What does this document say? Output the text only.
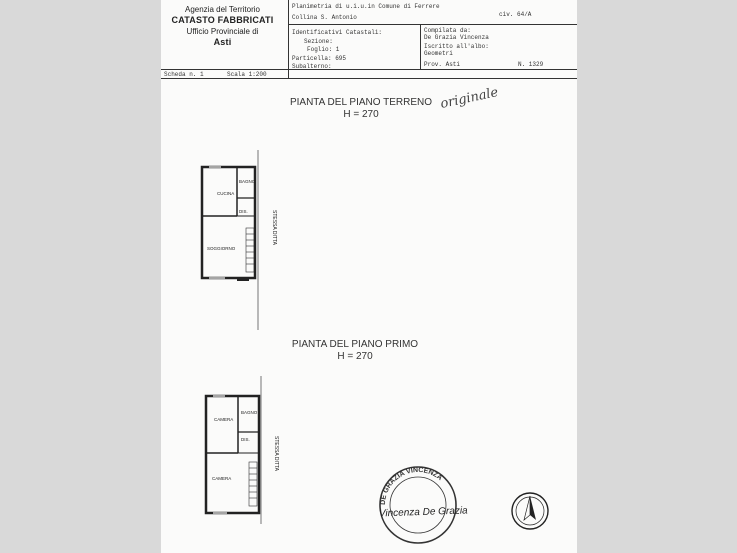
Agenzia del Territorio
CATASTO FABBRICATI
Ufficio Provinciale di
Asti
Planimetria di u.i.u.in Comune di Ferrere
Collina S. Antonio	civ. 64/A
Identificativi Catastali:
Sezione:
Foglio: 1
Particella: 695
Subalterno:
Compilata da:
De Grazia Vincenza
Iscritto all'albo:
Geometri
Prov. Asti	N. 1329
Scheda n. 1	Scala 1:200
PIANTA DEL PIANO TERRENO
H = 270
originale
CUCINA
BAGNO
DIS.
SOGGIORNO
STESSA DITTA
PIANTA DEL PIANO PRIMO
H = 270
CAMERA
BAGNO
DIS.
CAMERA
STESSA DITTA
DE GRAZIA VINCENZA
Vincenza De Grazia
